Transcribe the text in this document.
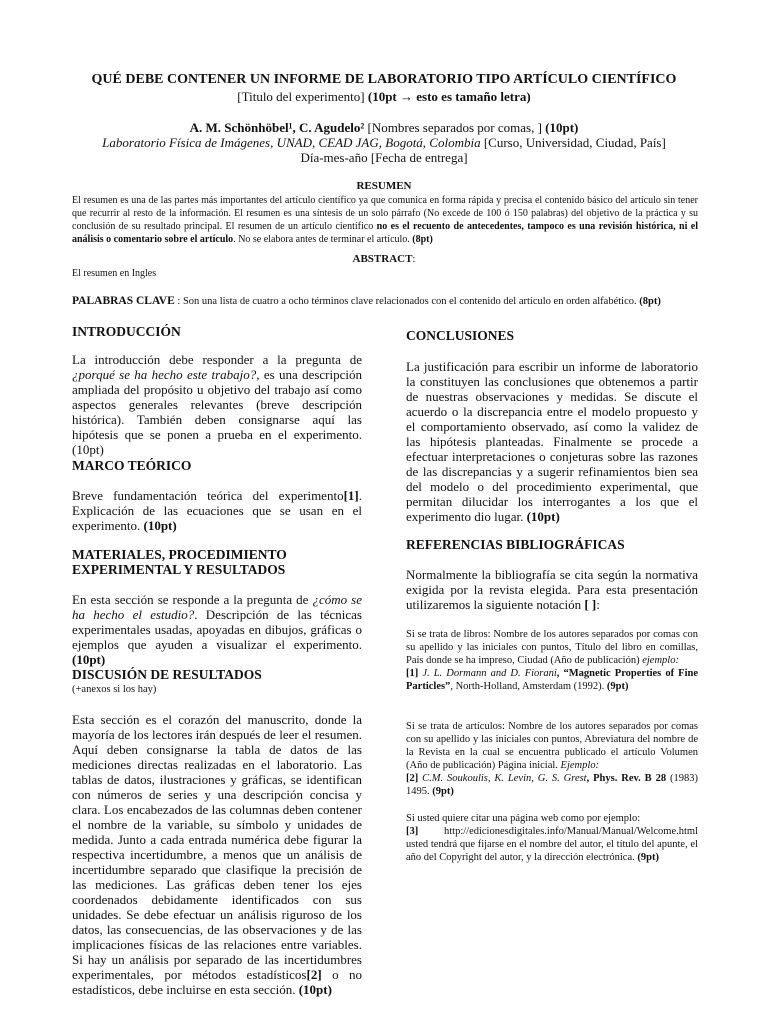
QUÉ DEBE CONTENER UN INFORME DE LABORATORIO TIPO ARTÍCULO CIENTÍFICO
[Titulo del experimento] (10pt → esto es tamaño letra)
A. M. Schönhöbel¹, C. Agudelo² [Nombres separados por comas, ] (10pt)
Laboratorio Física de Imágenes, UNAD, CEAD JAG, Bogotá, Colombia [Curso, Universidad, Ciudad, País]
Día-mes-año [Fecha de entrega]
RESUMEN
El resumen es una de las partes más importantes del artículo científico ya que comunica en forma rápida y precisa el contenido básico del artículo sin tener que recurrir al resto de la información. El resumen es una síntesis de un solo párrafo (No excede de 100 ó 150 palabras) del objetivo de la práctica y su conclusión de su resultado principal. El resumen de un artículo científico no es el recuento de antecedentes, tampoco es una revisión histórica, ni el análisis o comentario sobre el artículo. No se elabora antes de terminar el artículo. (8pt)
ABSTRACT:
El resumen en Ingles
PALABRAS CLAVE : Son una lista de cuatro a ocho términos clave relacionados con el contenido del artículo en orden alfabético. (8pt)
INTRODUCCIÓN
La introducción debe responder a la pregunta de ¿porqué se ha hecho este trabajo?, es una descripción ampliada del propósito u objetivo del trabajo así como aspectos generales relevantes (breve descripción histórica). También deben consignarse aquí las hipótesis que se ponen a prueba en el experimento. (10pt)
MARCO TEÓRICO
Breve fundamentación teórica del experimento[1]. Explicación de las ecuaciones que se usan en el experimento. (10pt)
MATERIALES, PROCEDIMIENTO
EXPERIMENTAL Y RESULTADOS
En esta sección se responde a la pregunta de ¿cómo se ha hecho el estudio?. Descripción de las técnicas experimentales usadas, apoyadas en dibujos, gráficas o ejemplos que ayuden a visualizar el experimento. (10pt)
DISCUSIÓN DE RESULTADOS
(+anexos si los hay)
Esta sección es el corazón del manuscrito, donde la mayoría de los lectores irán después de leer el resumen. Aquí deben consignarse la tabla de datos de las mediciones directas realizadas en el laboratorio. Las tablas de datos, ilustraciones y gráficas, se identifican con números de series y una descripción concisa y clara. Los encabezados de las columnas deben contener el nombre de la variable, su símbolo y unidades de medida. Junto a cada entrada numérica debe figurar la respectiva incertidumbre, a menos que un análisis de incertidumbre separado que clasifique la precisión de las mediciones. Las gráficas deben tener los ejes coordenados debidamente identificados con sus unidades. Se debe efectuar un análisis riguroso de los datos, las consecuencias, de las observaciones y de las implicaciones físicas de las relaciones entre variables. Si hay un análisis por separado de las incertidumbres experimentales, por métodos estadísticos[2] o no estadísticos, debe incluirse en esta sección. (10pt)
CONCLUSIONES
La justificación para escribir un informe de laboratorio la constituyen las conclusiones que obtenemos a partir de nuestras observaciones y medidas. Se discute el acuerdo o la discrepancia entre el modelo propuesto y el comportamiento observado, así como la validez de las hipótesis planteadas. Finalmente se procede a efectuar interpretaciones o conjeturas sobre las razones de las discrepancias y a sugerir refinamientos bien sea del modelo o del procedimiento experimental, que permitan dilucidar los interrogantes a los que el experimento dio lugar. (10pt)
REFERENCIAS BIBLIOGRÁFICAS
Normalmente la bibliografía se cita según la normativa exigida por la revista elegida. Para esta presentación utilizaremos la siguiente notación [ ]:
Si se trata de libros: Nombre de los autores separados por comas con su apellido y las iniciales con puntos, Título del libro en comillas, País donde se ha impreso, Ciudad (Año de publicación) ejemplo:
[1] J. L. Dormann and D. Fiorani, “Magnetic Properties of Fine Particles”, North-Holland, Amsterdam (1992). (9pt)
Si se trata de artículos: Nombre de los autores separados por comas con su apellido y las iniciales con puntos, Abreviatura del nombre de la Revista en la cual se encuentra publicado el artículo Volumen (Año de publicación) Página inicial. Ejemplo:
[2] C.M. Soukoulis, K. Levin, G. S. Grest, Phys. Rev. B 28 (1983) 1495. (9pt)
Si usted quiere citar una página web como por ejemplo:
[3] http://edicionesdigitales.info/Manual/Manual/Welcome.html usted tendrá que fijarse en el nombre del autor, el título del apunte, el año del Copyright del autor, y la dirección electrónica. (9pt)
